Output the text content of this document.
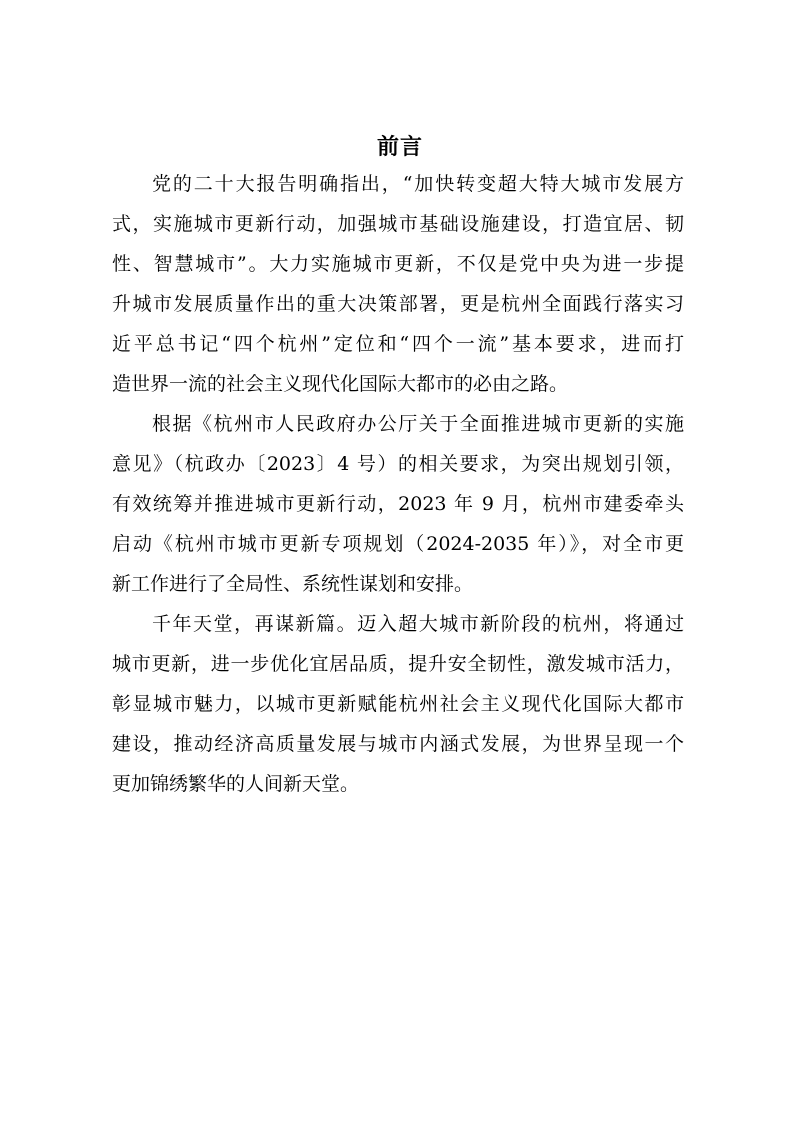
前言
党的二十大报告明确指出，“加快转变超大特大城市发展方
式，实施城市更新行动，加强城市基础设施建设，打造宜居、韧
性、智慧城市”。大力实施城市更新，不仅是党中央为进一步提
升城市发展质量作出的重大决策部署，更是杭州全面践行落实习
近平总书记“四个杭州”定位和“四个一流”基本要求，进而打
造世界一流的社会主义现代化国际大都市的必由之路。
根据《杭州市人民政府办公厅关于全面推进城市更新的实施
意见》（杭政办〔2023〕4 号）的相关要求，为突出规划引领，
有效统筹并推进城市更新行动，2023 年 9 月，杭州市建委牵头
启动《杭州市城市更新专项规划（2024-2035 年）》，对全市更
新工作进行了全局性、系统性谋划和安排。
千年天堂，再谋新篇。迈入超大城市新阶段的杭州，将通过
城市更新，进一步优化宜居品质，提升安全韧性，激发城市活力，
彰显城市魅力，以城市更新赋能杭州社会主义现代化国际大都市
建设，推动经济高质量发展与城市内涵式发展，为世界呈现一个
更加锦绣繁华的人间新天堂。
